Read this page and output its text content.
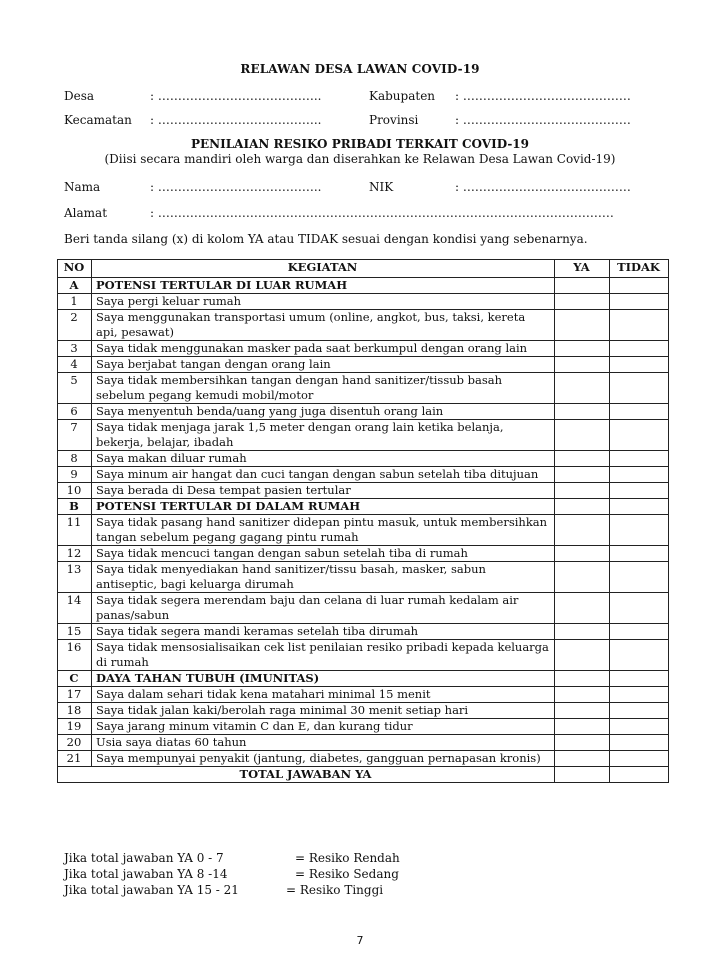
RELAWAN DESA LAWAN COVID-19
Desa	: …………………………………..	Kabupaten : ……………………………………
Kecamatan : …………………………………..	Provinsi	: ……………………………………
PENILAIAN RESIKO PRIBADI TERKAIT COVID-19
(Diisi secara mandiri oleh warga dan diserahkan ke Relawan Desa Lawan Covid-19)
Nama	: …………………………………..	NIK	: ……………………………………
Alamat	: ……………………………………………………………………………………………………
Beri tanda silang (x) di kolom YA atau TIDAK sesuai dengan kondisi yang sebenarnya.
NO	KEGIATAN	YA	TIDAK
A	POTENSI TERTULAR DI LUAR RUMAH		
1	Saya pergi keluar rumah		
2	Saya menggunakan transportasi umum (online, angkot, bus, taksi, kereta api, pesawat)		
3	Saya tidak menggunakan masker pada saat berkumpul dengan orang lain		
4	Saya berjabat tangan dengan orang lain		
5	Saya tidak membersihkan tangan dengan hand sanitizer/tissub basah sebelum pegang kemudi mobil/motor		
6	Saya menyentuh benda/uang yang juga disentuh orang lain		
7	Saya tidak menjaga jarak 1,5 meter dengan orang lain ketika belanja, bekerja, belajar, ibadah		
8	Saya makan diluar rumah		
9	Saya minum air hangat dan cuci tangan dengan sabun setelah tiba ditujuan		
10	Saya berada di Desa tempat pasien tertular		
B	POTENSI TERTULAR DI DALAM RUMAH		
11	Saya tidak pasang hand sanitizer didepan pintu masuk, untuk membersihkan tangan sebelum pegang gagang pintu rumah		
12	Saya tidak mencuci tangan dengan sabun setelah tiba di rumah		
13	Saya tidak menyediakan hand sanitizer/tissu basah, masker, sabun antiseptic, bagi keluarga dirumah		
14	Saya tidak segera merendam baju dan celana di luar rumah kedalam air panas/sabun		
15	Saya tidak segera mandi keramas setelah tiba dirumah		
16	Saya tidak mensosialisaikan cek list penilaian resiko pribadi kepada keluarga di rumah		
C	DAYA TAHAN TUBUH (IMUNITAS)		
17	Saya dalam sehari tidak kena matahari minimal 15 menit		
18	Saya tidak jalan kaki/berolah raga minimal 30 menit setiap hari		
19	Saya jarang minum vitamin C dan E, dan kurang tidur		
20	Usia saya diatas 60 tahun		
21	Saya mempunyai penyakit (jantung, diabetes, gangguan pernapasan kronis)		
TOTAL JAWABAN YA			
Jika total jawaban YA 0 - 7	= Resiko Rendah
Jika total jawaban YA 8 -14	= Resiko Sedang
Jika total jawaban YA 15 - 21	= Resiko Tinggi
7
